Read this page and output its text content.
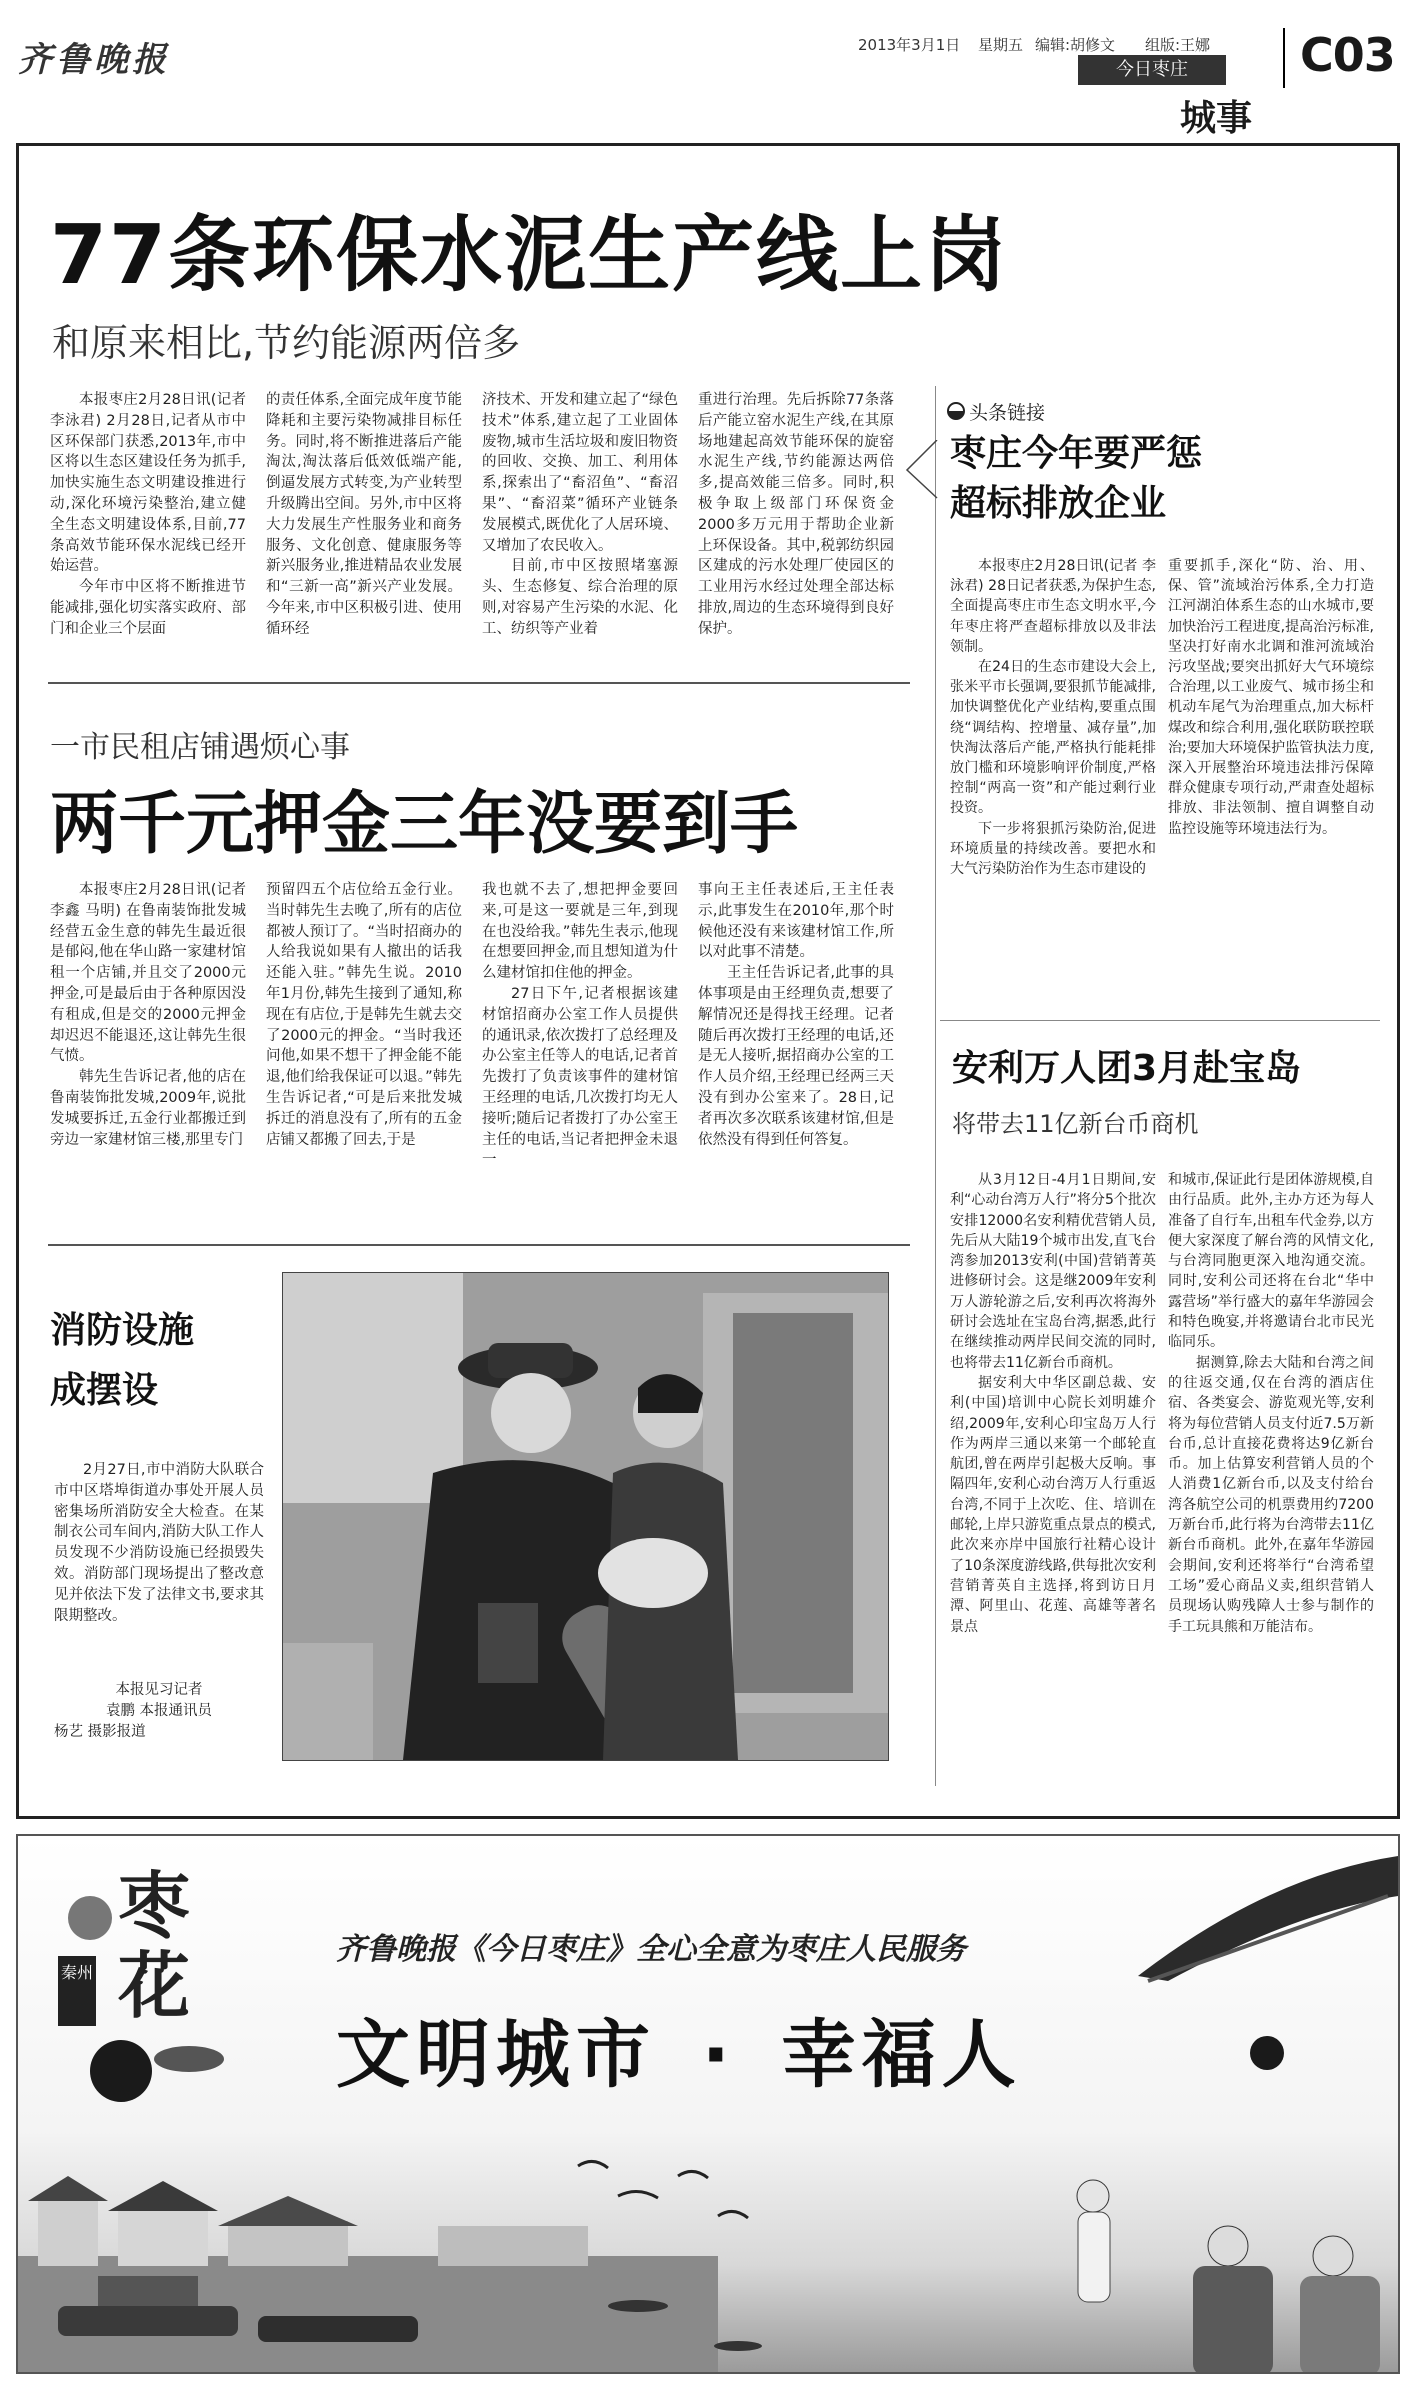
齐鲁晚报	2013年3月1日 星期五 编辑:胡修文 组版:王娜
今日枣庄
城事
C03
77条环保水泥生产线上岗
和原来相比,节约能源两倍多

本报枣庄2月28日讯(记者 李泳君) 2月28日,记者从市中区环保部门获悉,2013年,市中区将以生态区建设任务为抓手,加快实施生态文明建设推进行动,深化环境污染整治,建立健全生态文明建设体系,目前,77条高效节能环保水泥线已经开始运营。

今年市中区将不断推进节能减排,强化切实落实政府、部门和企业三个层面

的责任体系,全面完成年度节能降耗和主要污染物减排目标任务。同时,将不断推进落后产能淘汰,淘汰落后低效低端产能,倒逼发展方式转变,为产业转型升级腾出空间。另外,市中区将大力发展生产性服务业和商务服务、文化创意、健康服务等新兴服务业,推进精品农业发展和“三新一高”新兴产业发展。今年来,市中区积极引进、使用循环经

济技术、开发和建立起了“绿色技术”体系,建立起了工业固体废物,城市生活垃圾和废旧物资的回收、交换、加工、利用体系,探索出了“畜沼鱼”、“畜沼果”、“畜沼菜”循环产业链条发展模式,既优化了人居环境、又增加了农民收入。

目前,市中区按照堵塞源头、生态修复、综合治理的原则,对容易产生污染的水泥、化工、纺织等产业着

重进行治理。先后拆除77条落后产能立窑水泥生产线,在其原场地建起高效节能环保的旋窑水泥生产线,节约能源达两倍多,提高效能三倍多。同时,积极争取上级部门环保资金2000多万元用于帮助企业新上环保设备。其中,税郭纺织园区建成的污水处理厂使园区的工业用污水经过处理全部达标排放,周边的生态环境得到良好保护。

一市民租店铺遇烦心事
两千元押金三年没要到手

本报枣庄2月28日讯(记者 李鑫 马明) 在鲁南装饰批发城经营五金生意的韩先生最近很是郁闷,他在华山路一家建材馆租一个店铺,并且交了2000元押金,可是最后由于各种原因没有租成,但是交的2000元押金却迟迟不能退还,这让韩先生很气愤。

韩先生告诉记者,他的店在鲁南装饰批发城,2009年,说批发城要拆迁,五金行业都搬迁到旁边一家建材馆三楼,那里专门

预留四五个店位给五金行业。当时韩先生去晚了,所有的店位都被人预订了。“当时招商办的人给我说如果有人撤出的话我还能入驻。”韩先生说。2010年1月份,韩先生接到了通知,称现在有店位,于是韩先生就去交了2000元的押金。“当时我还问他,如果不想干了押金能不能退,他们给我保证可以退。”韩先生告诉记者,“可是后来批发城拆迁的消息没有了,所有的五金店铺又都搬了回去,于是

我也就不去了,想把押金要回来,可是这一要就是三年,到现在也没给我。”韩先生表示,他现在想要回押金,而且想知道为什么建材馆扣住他的押金。

27日下午,记者根据该建材馆招商办公室工作人员提供的通讯录,依次拨打了总经理及办公室主任等人的电话,记者首先拨打了负责该事件的建材馆王经理的电话,几次拨打均无人接听;随后记者拨打了办公室王主任的电话,当记者把押金未退一

事向王主任表述后,王主任表示,此事发生在2010年,那个时候他还没有来该建材馆工作,所以对此事不清楚。

王主任告诉记者,此事的具体事项是由王经理负责,想要了解情况还是得找王经理。记者随后再次拨打王经理的电话,还是无人接听,据招商办公室的工作人员介绍,王经理已经两三天没有到办公室来了。28日,记者再次多次联系该建材馆,但是依然没有得到任何答复。

消防设施
成摆设

2月27日,市中消防大队联合市中区塔埠街道办事处开展人员密集场所消防安全大检查。在某制衣公司车间内,消防大队工作人员发现不少消防设施已经损毁失效。消防部门现场提出了整改意见并依法下发了法律文书,要求其限期整改。

本报见习记者
袁鹏 本报通讯员
杨艺 摄影报道
头条链接
枣庄今年要严惩
超标排放企业

本报枣庄2月28日讯(记者 李泳君) 28日记者获悉,为保护生态,全面提高枣庄市生态文明水平,今年枣庄将严查超标排放以及非法领制。

在24日的生态市建设大会上,张米平市长强调,要狠抓节能减排,加快调整优化产业结构,要重点围绕“调结构、控增量、减存量”,加快淘汰落后产能,严格执行能耗排放门槛和环境影响评价制度,严格控制“两高一资”和产能过剩行业投资。

下一步将狠抓污染防治,促进环境质量的持续改善。要把水和大气污染防治作为生态市建设的

重要抓手,深化“防、治、用、保、管”流域治污体系,全力打造江河湖泊体系生态的山水城市,要加快治污工程进度,提高治污标准,坚决打好南水北调和淮河流域治污攻坚战;要突出抓好大气环境综合治理,以工业废气、城市扬尘和机动车尾气为治理重点,加大标杆煤改和综合利用,强化联防联控联治;要加大环境保护监管执法力度,深入开展整治环境违法排污保障群众健康专项行动,严肃查处超标排放、非法领制、擅自调整自动监控设施等环境违法行为。

安利万人团3月赴宝岛
将带去11亿新台币商机

从3月12日-4月1日期间,安利“心动台湾万人行”将分5个批次安排12000名安利精优营销人员,先后从大陆19个城市出发,直飞台湾参加2013安利(中国)营销菁英进修研讨会。这是继2009年安利万人游轮游之后,安利再次将海外研讨会选址在宝岛台湾,据悉,此行在继续推动两岸民间交流的同时,也将带去11亿新台币商机。

据安利大中华区副总裁、安利(中国)培训中心院长刘明雄介绍,2009年,安利心印宝岛万人行作为两岸三通以来第一个邮轮直航团,曾在两岸引起极大反响。事隔四年,安利心动台湾万人行重返台湾,不同于上次吃、住、培训在邮轮,上岸只游览重点景点的模式,此次来亦岸中国旅行社精心设计了10条深度游线路,供每批次安利营销菁英自主选择,将到访日月潭、阿里山、花莲、高雄等著名景点

和城市,保证此行是团体游规模,自由行品质。此外,主办方还为每人准备了自行车,出租车代金券,以方便大家深度了解台湾的风情文化,与台湾同胞更深入地沟通交流。同时,安利公司还将在台北“华中露营场”举行盛大的嘉年华游园会和特色晚宴,并将邀请台北市民光临同乐。

据测算,除去大陆和台湾之间的往返交通,仅在台湾的酒店住宿、各类宴会、游览观光等,安利将为每位营销人员支付近7.5万新台币,总计直接花费将达9亿新台币。加上估算安利营销人员的个人消费1亿新台币,以及支付给台湾各航空公司的机票费用约7200万新台币,此行将为台湾带去11亿新台币商机。此外,在嘉年华游园会期间,安利还将举行“台湾希望工场”爱心商品义卖,组织营销人员现场认购残障人士参与制作的手工玩具熊和万能洁布。

枣花
秦州
齐鲁晚报《今日枣庄》全心全意为枣庄人民服务
文明城市 · 幸福人
